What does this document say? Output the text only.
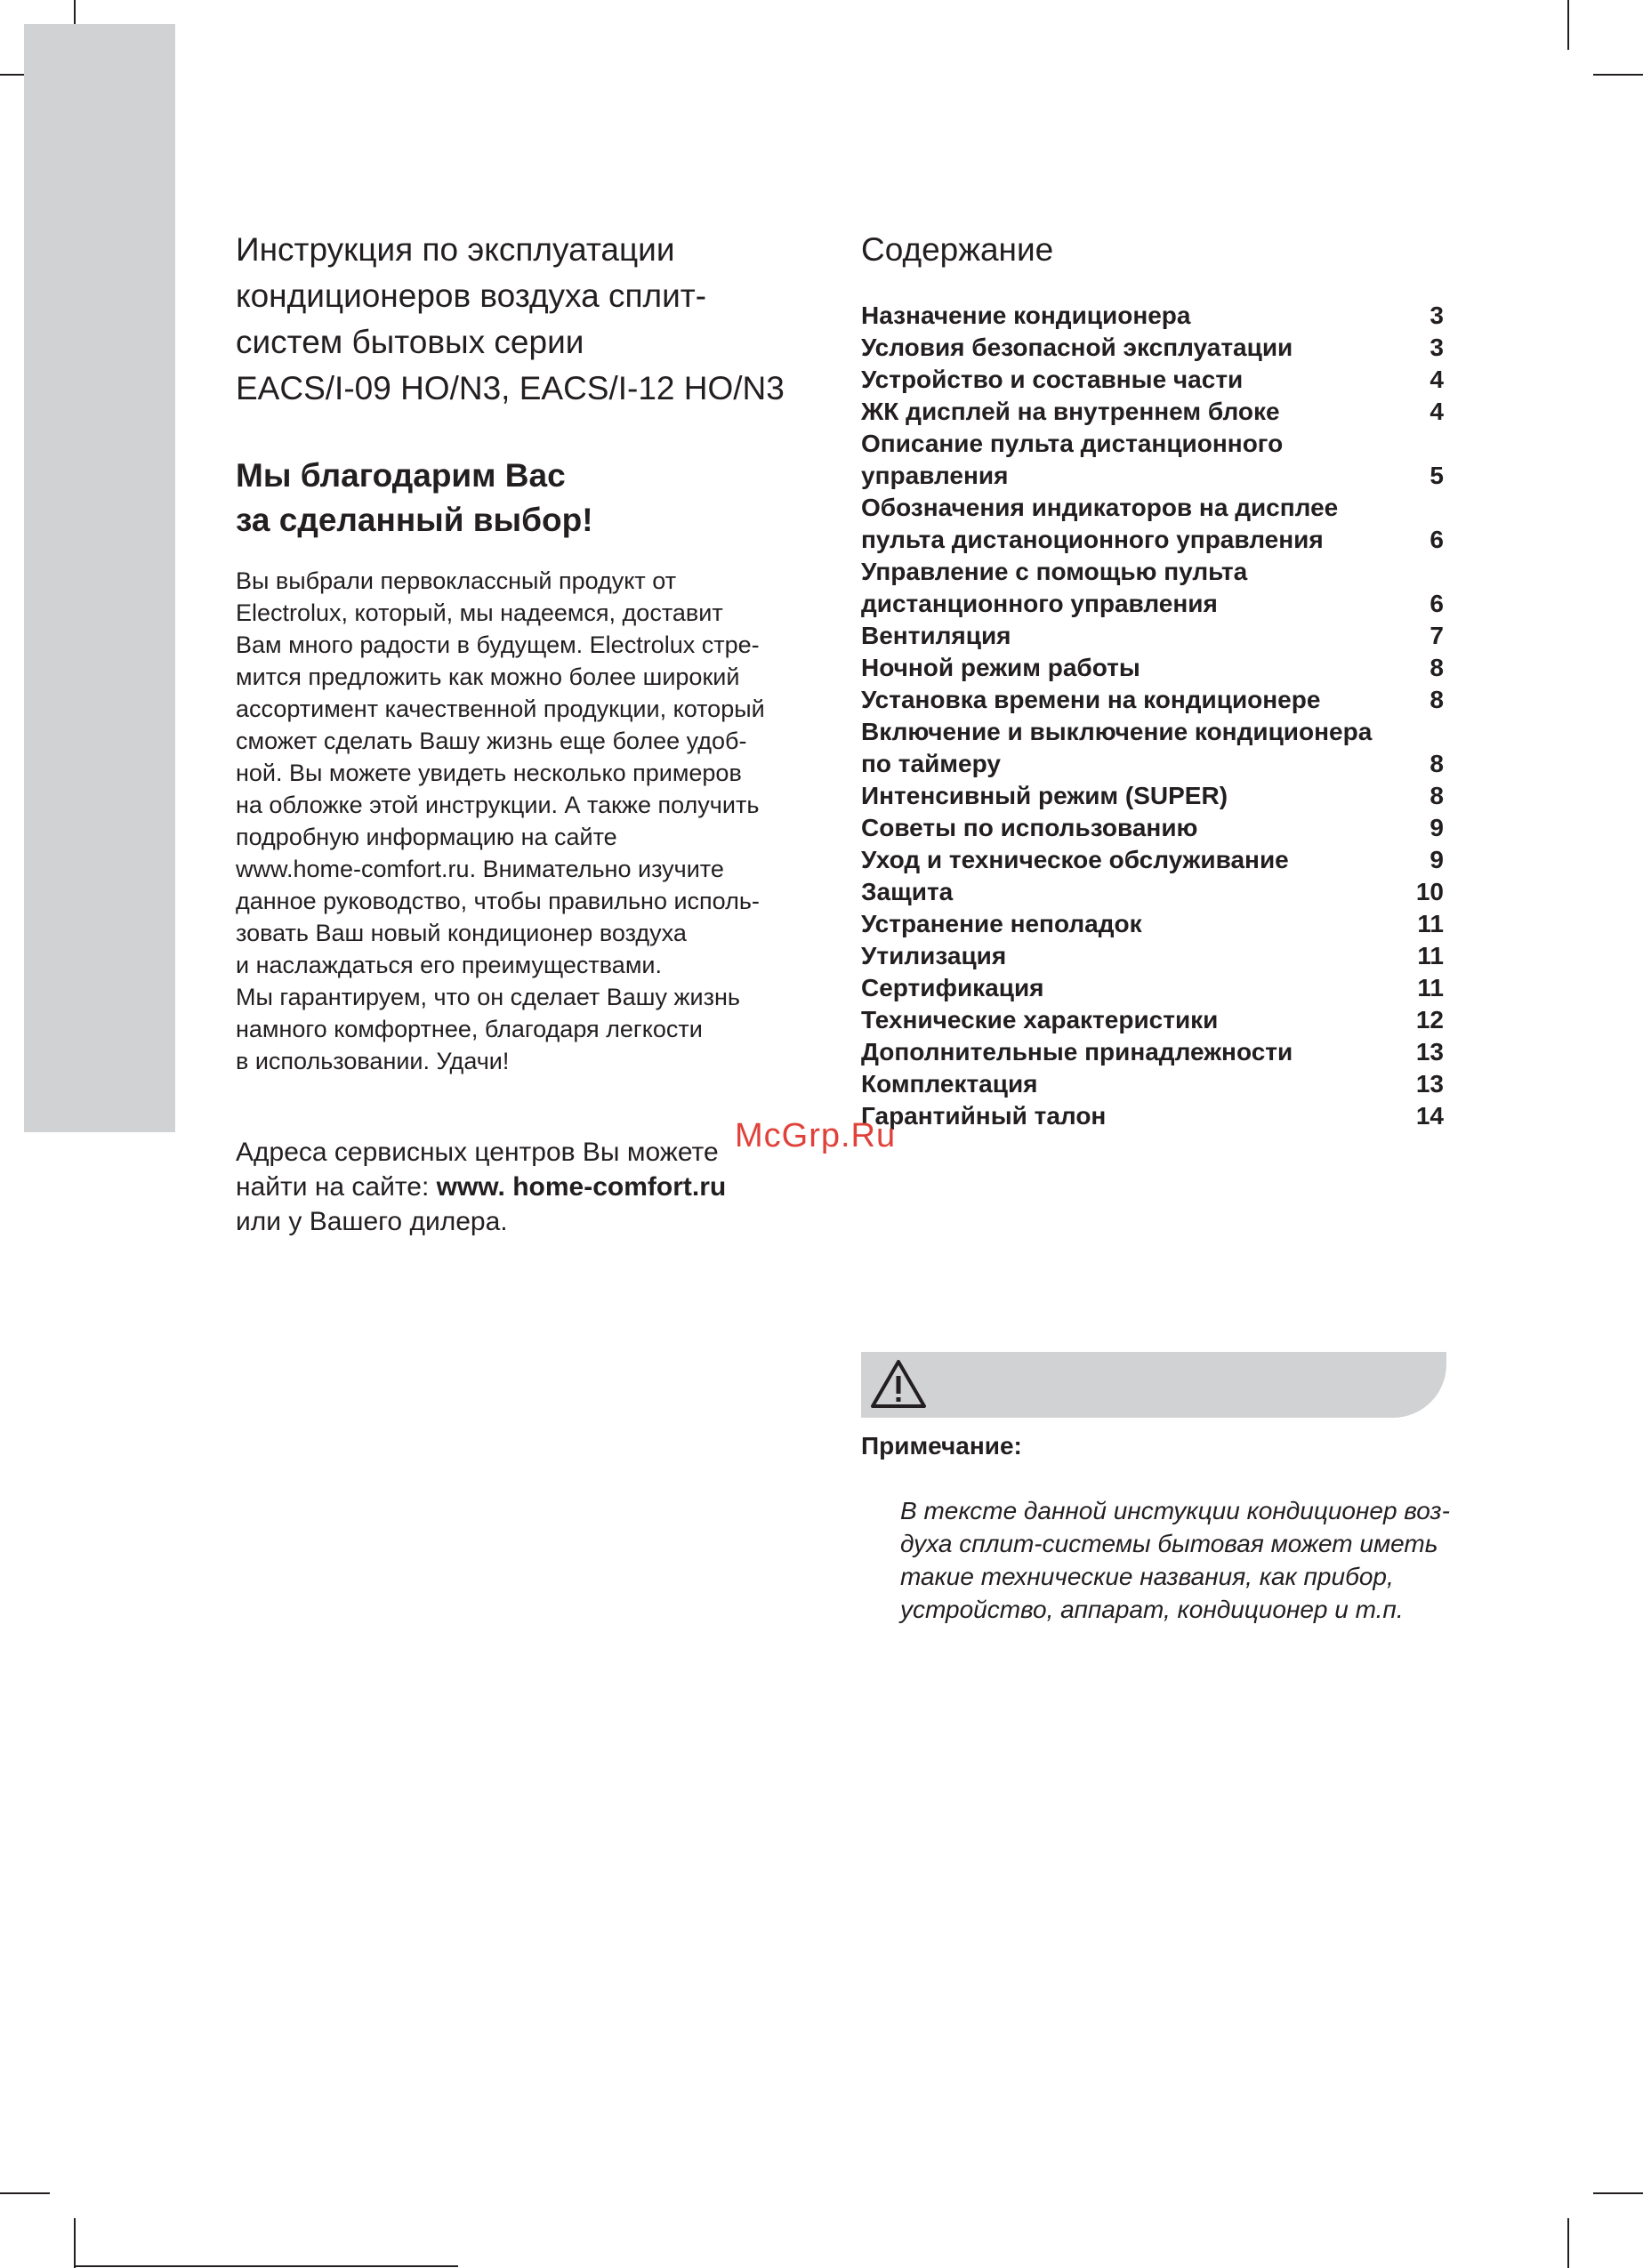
Инструкция по эксплуатации
кондиционеров воздуха сплит-
систем бытовых серии
EACS/I-09 HO/N3, EACS/I-12 HO/N3
Мы благодарим Вас
за сделанный выбор!

Вы выбрали первоклассный продукт от
Electrolux, который, мы надеемся, доставит
Вам много радости в будущем. Electrolux стре-
мится предложить как можно более широкий
ассортимент качественной продукции, который
сможет сделать Вашу жизнь еще более удоб-
ной. Вы можете увидеть несколько примеров
на обложке этой инструкции. А также получить
подробную информацию на сайте
www.home-comfort.ru. Внимательно изучите
данное руководство, чтобы правильно исполь-
зовать Ваш новый кондиционер воздуха
и наслаждаться его преимуществами.
Мы гарантируем, что он сделает Вашу жизнь
намного комфортнее, благодаря легкости
в использовании. Удачи!

Адреса сервисных центров Вы можете
найти на сайте: www. home-comfort.ru
или у Вашего дилера.

Содержание
Назначение кондиционера	3
Условия безопасной эксплуатации	3
Устройство и составные части	4
ЖК дисплей на внутреннем блоке	4
Описание пульта дистанционного
управления	5
Обозначения индикаторов на дисплее
пульта дистаноционного управления	6
Управление с помощью пульта
дистанционного управления	6
Вентиляция	7
Ночной режим работы	8
Установка времени на кондиционере	8
Включение и выключение кондиционера
по таймеру	8
Интенсивный режим (SUPER)	8
Советы по использованию	9
Уход и техническое обслуживание	9
Защита	10
Устранение неполадок	11
Утилизация	11
Сертификация	11
Технические характеристики	12
Дополнительные принадлежности	13
Комплектация	13
Гарантийный талон	14
McGrp.Ru

Примечание:

В тексте данной инстукции кондиционер воз-
духа сплит-системы бытовая может иметь
такие технические названия, как прибор,
устройство, аппарат, кондиционер и т.п.
